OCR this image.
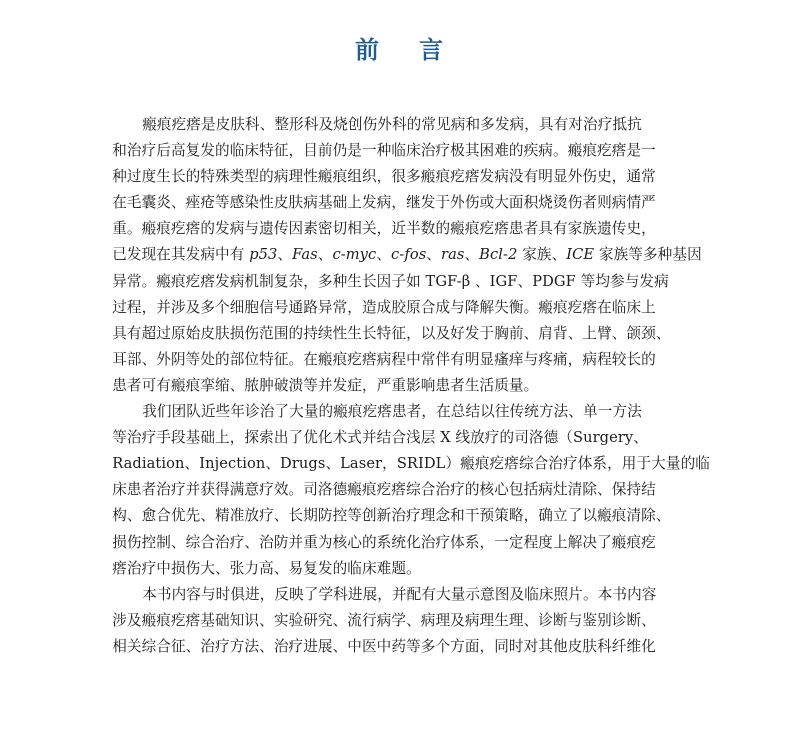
前 言

瘢痕疙瘩是皮肤科、整形科及烧创伤外科的常见病和多发病，具有对治疗抵抗
和治疗后高复发的临床特征，目前仍是一种临床治疗极其困难的疾病。瘢痕疙瘩是一
种过度生长的特殊类型的病理性瘢痕组织，很多瘢痕疙瘩发病没有明显外伤史，通常
在毛囊炎、痤疮等感染性皮肤病基础上发病，继发于外伤或大面积烧烫伤者则病情严
重。瘢痕疙瘩的发病与遗传因素密切相关，近半数的瘢痕疙瘩患者具有家族遗传史，
已发现在其发病中有 p53、Fas、c-myc、c-fos、ras、Bcl-2 家族、ICE 家族等多种基因
异常。瘢痕疙瘩发病机制复杂，多种生长因子如 TGF-β 、IGF、PDGF 等均参与发病
过程，并涉及多个细胞信号通路异常，造成胶原合成与降解失衡。瘢痕疙瘩在临床上
具有超过原始皮肤损伤范围的持续性生长特征，以及好发于胸前、肩背、上臂、颌颈、
耳部、外阴等处的部位特征。在瘢痕疙瘩病程中常伴有明显瘙痒与疼痛，病程较长的
患者可有瘢痕挛缩、脓肿破溃等并发症，严重影响患者生活质量。

我们团队近些年诊治了大量的瘢痕疙瘩患者，在总结以往传统方法、单一方法
等治疗手段基础上，探索出了优化术式并结合浅层 X 线放疗的司洛德（Surgery、
Radiation、Injection、Drugs、Laser，SRIDL）瘢痕疙瘩综合治疗体系，用于大量的临
床患者治疗并获得满意疗效。司洛德瘢痕疙瘩综合治疗的核心包括病灶清除、保持结
构、愈合优先、精准放疗、长期防控等创新治疗理念和干预策略，确立了以瘢痕清除、
损伤控制、综合治疗、治防并重为核心的系统化治疗体系，一定程度上解决了瘢痕疙
瘩治疗中损伤大、张力高、易复发的临床难题。

本书内容与时俱进，反映了学科进展，并配有大量示意图及临床照片。本书内容
涉及瘢痕疙瘩基础知识、实验研究、流行病学、病理及病理生理、诊断与鉴别诊断、
相关综合征、治疗方法、治疗进展、中医中药等多个方面，同时对其他皮肤科纤维化
